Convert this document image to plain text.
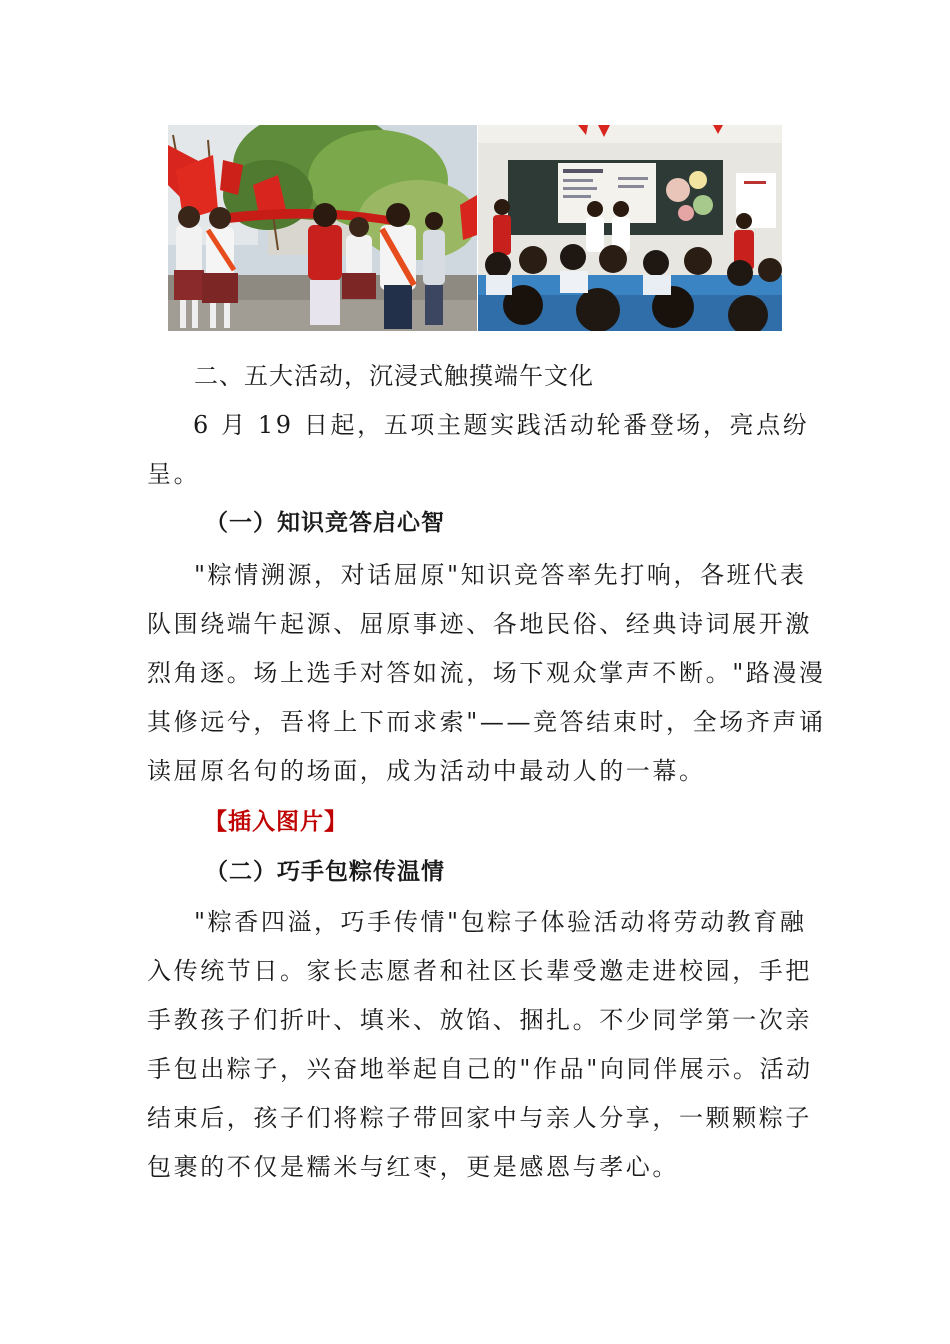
二、五大活动，沉浸式触摸端午文化
6 月 19 日起，五项主题实践活动轮番登场，亮点纷
呈。
（一）知识竞答启心智
"粽情溯源，对话屈原"知识竞答率先打响，各班代表
队围绕端午起源、屈原事迹、各地民俗、经典诗词展开激
烈角逐。场上选手对答如流，场下观众掌声不断。"路漫漫
其修远兮，吾将上下而求索"——竞答结束时，全场齐声诵
读屈原名句的场面，成为活动中最动人的一幕。
【插入图片】
（二）巧手包粽传温情
"粽香四溢，巧手传情"包粽子体验活动将劳动教育融
入传统节日。家长志愿者和社区长辈受邀走进校园，手把
手教孩子们折叶、填米、放馅、捆扎。不少同学第一次亲
手包出粽子，兴奋地举起自己的"作品"向同伴展示。活动
结束后，孩子们将粽子带回家中与亲人分享，一颗颗粽子
包裹的不仅是糯米与红枣，更是感恩与孝心。
